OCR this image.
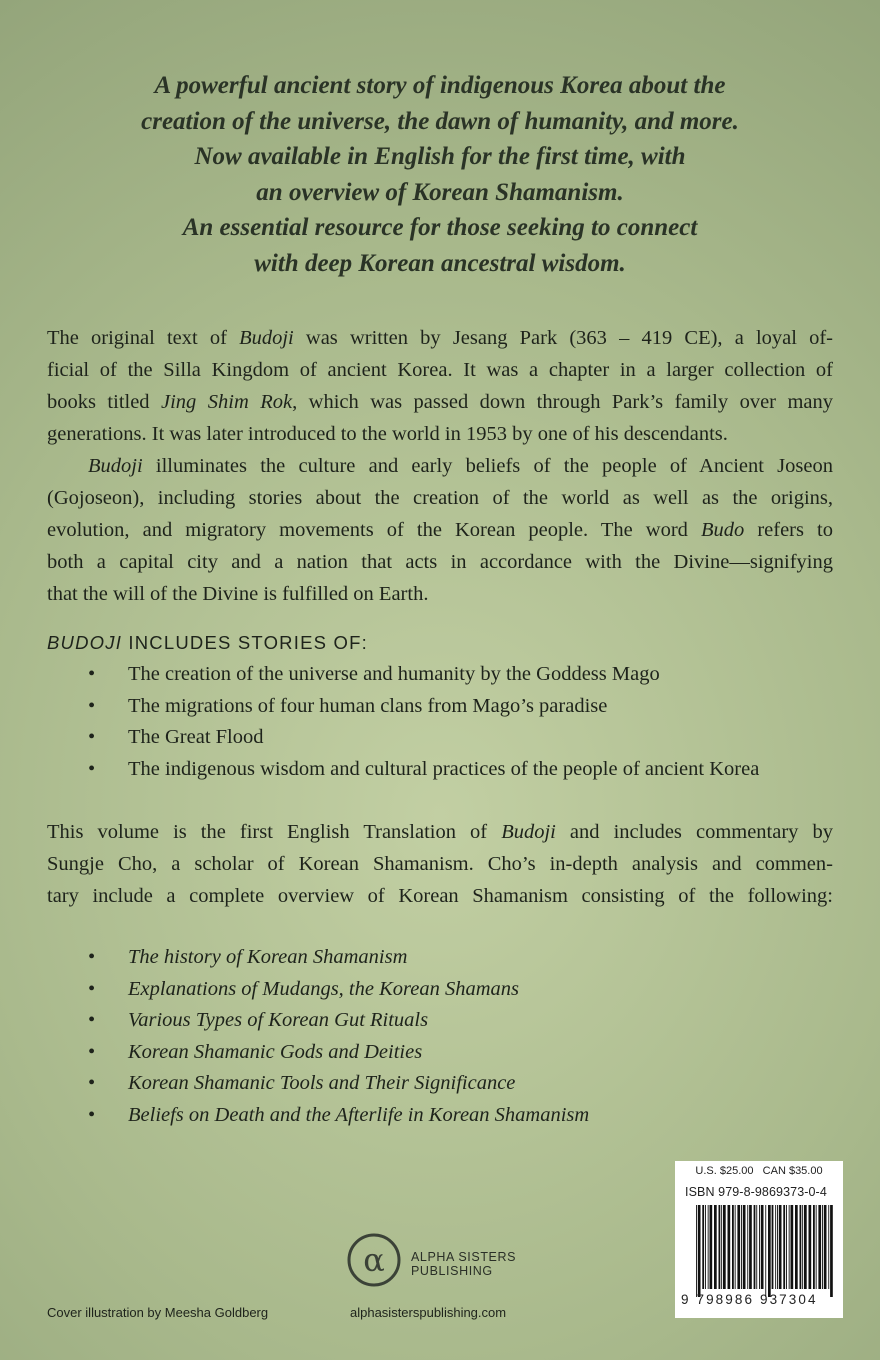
A powerful ancient story of indigenous Korea about the
creation of the universe, the dawn of humanity, and more.
Now available in English for the first time, with
an overview of Korean Shamanism.
An essential resource for those seeking to connect
with deep Korean ancestral wisdom.
The original text of Budoji was written by Jesang Park (363 – 419 CE), a loyal of-
ficial of the Silla Kingdom of ancient Korea. It was a chapter in a larger collection of
books titled Jing Shim Rok, which was passed down through Park’s family over many
generations. It was later introduced to the world in 1953 by one of his descendants.
Budoji illuminates the culture and early beliefs of the people of Ancient Joseon
(Gojoseon), including stories about the creation of the world as well as the origins,
evolution, and migratory movements of the Korean people. The word Budo refers to
both a capital city and a nation that acts in accordance with the Divine—signifying
that the will of the Divine is fulfilled on Earth.
BUDOJI INCLUDES STORIES OF:
• The creation of the universe and humanity by the Goddess Mago
• The migrations of four human clans from Mago’s paradise
• The Great Flood
• The indigenous wisdom and cultural practices of the people of ancient Korea
This volume is the first English Translation of Budoji and includes commentary by
Sungje Cho, a scholar of Korean Shamanism. Cho’s in-depth analysis and commen-
tary include a complete overview of Korean Shamanism consisting of the following:
• The history of Korean Shamanism
• Explanations of Mudangs, the Korean Shamans
• Various Types of Korean Gut Rituals
• Korean Shamanic Gods and Deities
• Korean Shamanic Tools and Their Significance
• Beliefs on Death and the Afterlife in Korean Shamanism
U.S. $25.00   CAN $35.00
ISBN 979-8-9869373-0-4
9 798986 937304
α ALPHA SISTERS
PUBLISHING
alphasisterspublishing.com
Cover illustration by Meesha Goldberg
